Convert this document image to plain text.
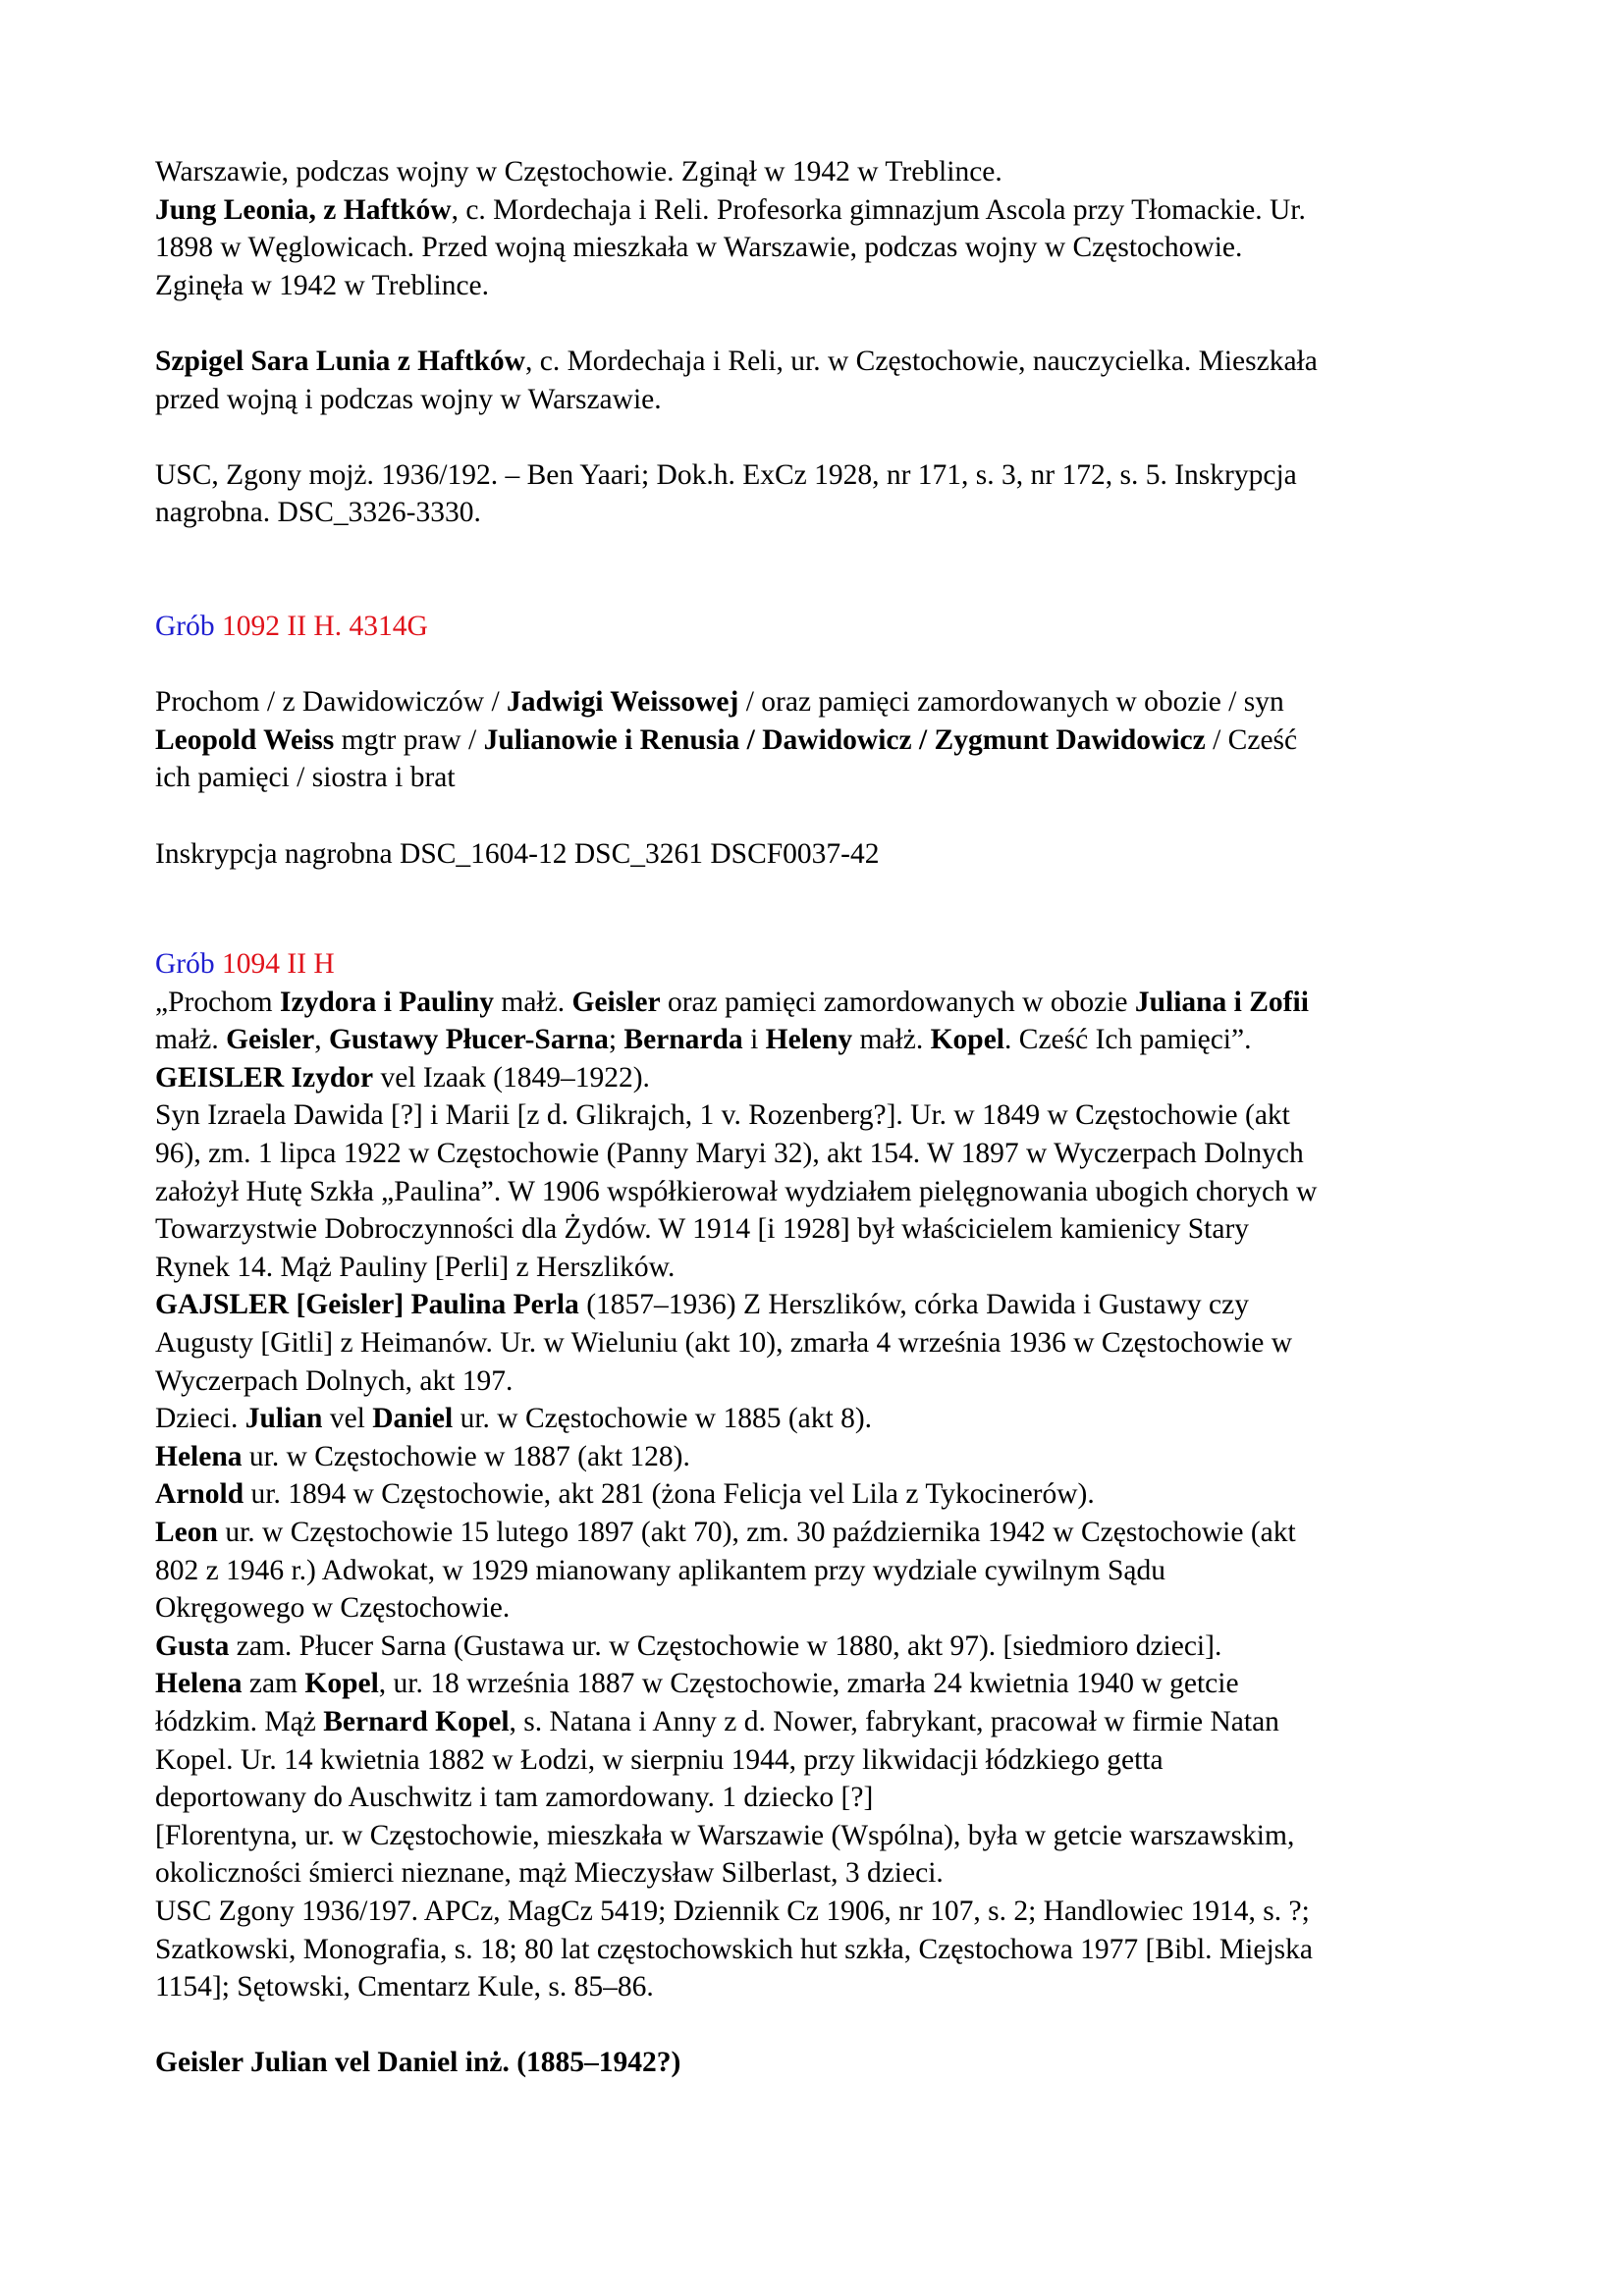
Warszawie, podczas wojny w Częstochowie. Zginął w 1942 w Treblince.
Jung Leonia, z Haftków, c. Mordechaja i Reli. Profesorka gimnazjum Ascola przy Tłomackie. Ur.
1898 w Węglowicach. Przed wojną mieszkała w Warszawie, podczas wojny w Częstochowie.
Zginęła w 1942 w Treblince.
Szpigel Sara Lunia z Haftków, c. Mordechaja i Reli, ur. w Częstochowie, nauczycielka. Mieszkała
przed wojną i podczas wojny w Warszawie.
USC, Zgony mojż. 1936/192. – Ben Yaari; Dok.h. ExCz 1928, nr 171, s. 3, nr 172, s. 5. Inskrypcja
nagrobna. DSC_3326-3330.
Grób 1092 II H. 4314G
Prochom / z Dawidowiczów / Jadwigi Weissowej / oraz pamięci zamordowanych w obozie / syn
Leopold Weiss mgtr praw / Julianowie i Renusia / Dawidowicz / Zygmunt Dawidowicz / Cześć
ich pamięci / siostra i brat
Inskrypcja nagrobna DSC_1604-12 DSC_3261 DSCF0037-42
Grób 1094 II H
„Prochom Izydora i Pauliny małż. Geisler oraz pamięci zamordowanych w obozie Juliana i Zofii
małż. Geisler, Gustawy Płucer-Sarna; Bernarda i Heleny małż. Kopel. Cześć Ich pamięci”.
GEISLER Izydor vel Izaak (1849–1922).
Syn Izraela Dawida [?] i Marii [z d. Glikrajch, 1 v. Rozenberg?]. Ur. w 1849 w Częstochowie (akt
96), zm. 1 lipca 1922 w Częstochowie (Panny Maryi 32), akt 154. W 1897 w Wyczerpach Dolnych
założył Hutę Szkła „Paulina”. W 1906 współkierował wydziałem pielęgnowania ubogich chorych w
Towarzystwie Dobroczynności dla Żydów. W 1914 [i 1928] był właścicielem kamienicy Stary
Rynek 14. Mąż Pauliny [Perli] z Herszlików.
GAJSLER [Geisler] Paulina Perla (1857–1936) Z Herszlików, córka Dawida i Gustawy czy
Augusty [Gitli] z Heimanów. Ur. w Wieluniu (akt 10), zmarła 4 września 1936 w Częstochowie w
Wyczerpach Dolnych, akt 197.
Dzieci. Julian vel Daniel ur. w Częstochowie w 1885 (akt 8).
Helena ur. w Częstochowie w 1887 (akt 128).
Arnold ur. 1894 w Częstochowie, akt 281 (żona Felicja vel Lila z Tykocinerów).
Leon ur. w Częstochowie 15 lutego 1897 (akt 70), zm. 30 października 1942 w Częstochowie (akt
802 z 1946 r.) Adwokat, w 1929 mianowany aplikantem przy wydziale cywilnym Sądu
Okręgowego w Częstochowie.
Gusta zam. Płucer Sarna (Gustawa ur. w Częstochowie w 1880, akt 97). [siedmioro dzieci].
Helena zam Kopel, ur. 18 września 1887 w Częstochowie, zmarła 24 kwietnia 1940 w getcie
łódzkim. Mąż Bernard Kopel, s. Natana i Anny z d. Nower, fabrykant, pracował w firmie Natan
Kopel. Ur. 14 kwietnia 1882 w Łodzi, w sierpniu 1944, przy likwidacji łódzkiego getta
deportowany do Auschwitz i tam zamordowany. 1 dziecko [?]
[Florentyna, ur. w Częstochowie, mieszkała w Warszawie (Wspólna), była w getcie warszawskim,
okoliczności śmierci nieznane, mąż Mieczysław Silberlast, 3 dzieci.
USC Zgony 1936/197. APCz, MagCz 5419; Dziennik Cz 1906, nr 107, s. 2; Handlowiec 1914, s. ?;
Szatkowski, Monografia, s. 18; 80 lat częstochowskich hut szkła, Częstochowa 1977 [Bibl. Miejska
1154]; Sętowski, Cmentarz Kule, s. 85–86.
Geisler Julian vel Daniel inż. (1885–1942?)
